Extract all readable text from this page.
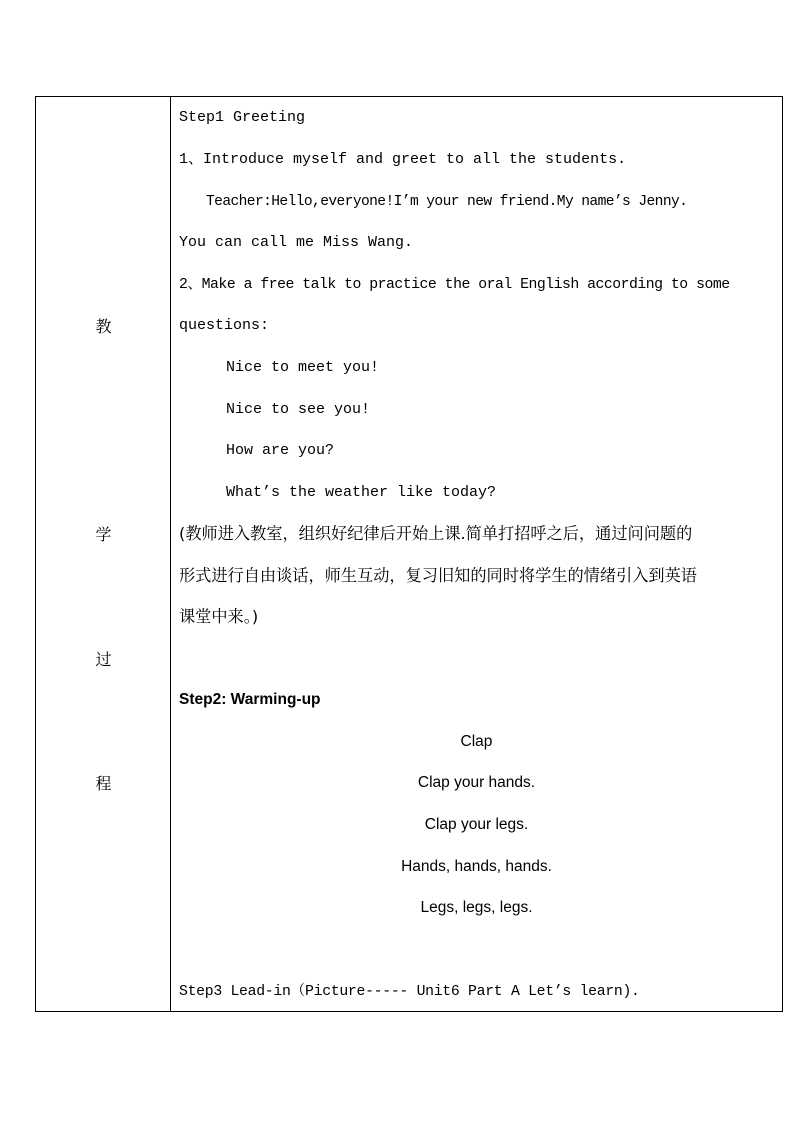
教
学
过
程
Step1 Greeting
1、Introduce myself and greet to all the students.
Teacher:Hello,everyone!I’m your new friend.My name’s Jenny.
You can call me Miss Wang.
2、Make a free talk to practice the oral English according to some
questions:
Nice to meet you!
Nice to see you!
How are you?
What’s the weather like today?
(教师进入教室，组织好纪律后开始上课.简单打招呼之后，通过问问题的
形式进行自由谈话，师生互动，复习旧知的同时将学生的情绪引入到英语
课堂中来。)
Step2: Warming-up
Clap
Clap your hands.
Clap your legs.
Hands, hands, hands.
Legs, legs, legs.
Step3 Lead-in（Picture----- Unit6 Part A Let’s learn).
